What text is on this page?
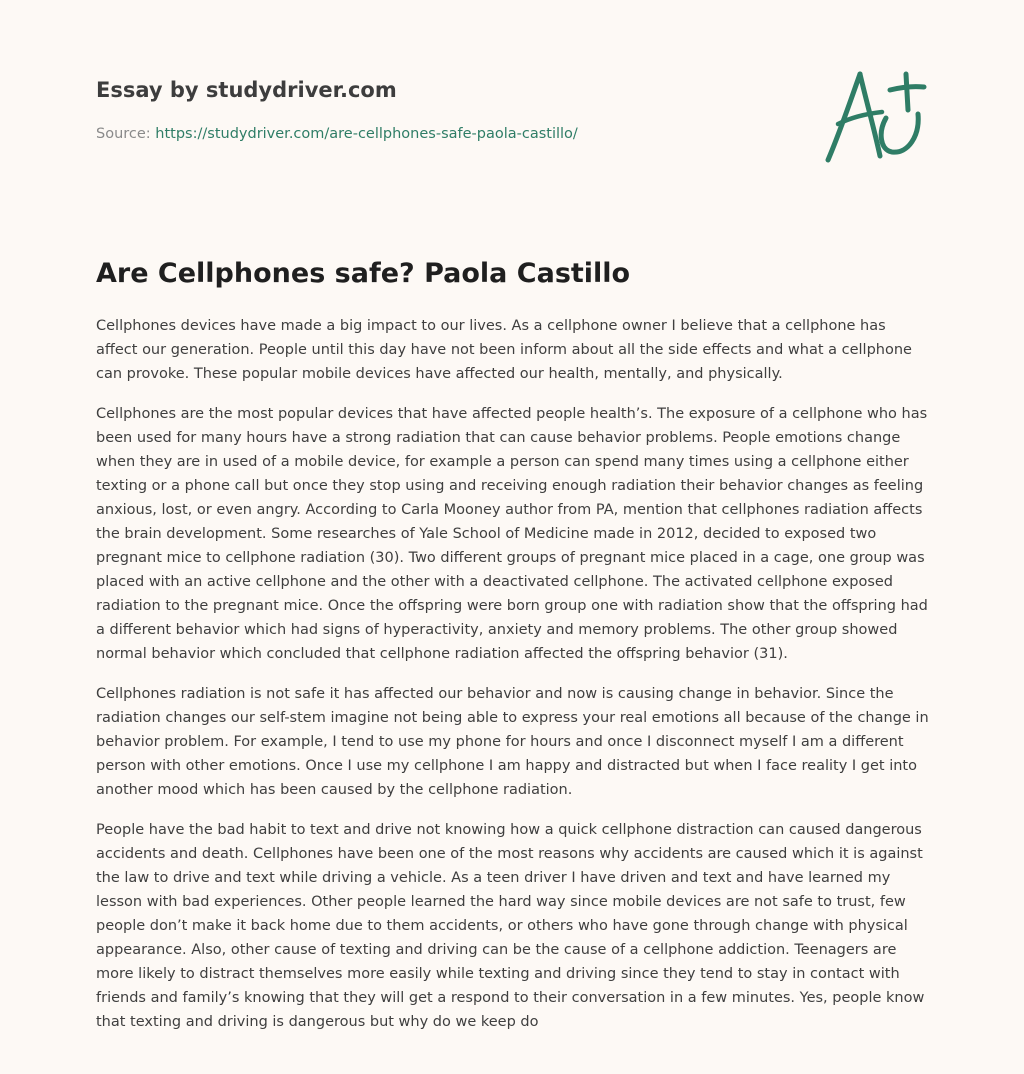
Essay by studydriver.com
Source: https://studydriver.com/are-cellphones-safe-paola-castillo/
Are Cellphones safe? Paola Castillo

Cellphones devices have made a big impact to our lives. As a cellphone owner I believe that a cellphone has affect our generation. People until this day have not been inform about all the side effects and what a cellphone can provoke. These popular mobile devices have affected our health, mentally, and physically.

Cellphones are the most popular devices that have affected people health’s. The exposure of a cellphone who has been used for many hours have a strong radiation that can cause behavior problems. People emotions change when they are in used of a mobile device, for example a person can spend many times using a cellphone either texting or a phone call but once they stop using and receiving enough radiation their behavior changes as feeling anxious, lost, or even angry. According to Carla Mooney author from PA, mention that cellphones radiation affects the brain development. Some researches of Yale School of Medicine made in 2012, decided to exposed two pregnant mice to cellphone radiation (30). Two different groups of pregnant mice placed in a cage, one group was placed with an active cellphone and the other with a deactivated cellphone. The activated cellphone exposed radiation to the pregnant mice. Once the offspring were born group one with radiation show that the offspring had a different behavior which had signs of hyperactivity, anxiety and memory problems. The other group showed normal behavior which concluded that cellphone radiation affected the offspring behavior (31).

Cellphones radiation is not safe it has affected our behavior and now is causing change in behavior. Since the radiation changes our self-stem imagine not being able to express your real emotions all because of the change in behavior problem. For example, I tend to use my phone for hours and once I disconnect myself I am a different person with other emotions. Once I use my cellphone I am happy and distracted but when I face reality I get into another mood which has been caused by the cellphone radiation.

People have the bad habit to text and drive not knowing how a quick cellphone distraction can caused dangerous accidents and death. Cellphones have been one of the most reasons why accidents are caused which it is against the law to drive and text while driving a vehicle. As a teen driver I have driven and text and have learned my lesson with bad experiences. Other people learned the hard way since mobile devices are not safe to trust, few people don’t make it back home due to them accidents, or others who have gone through change with physical appearance. Also, other cause of texting and driving can be the cause of a cellphone addiction. Teenagers are more likely to distract themselves more easily while texting and driving since they tend to stay in contact with friends and family’s knowing that they will get a respond to their conversation in a few minutes. Yes, people know that texting and driving is dangerous but why do we keep do
